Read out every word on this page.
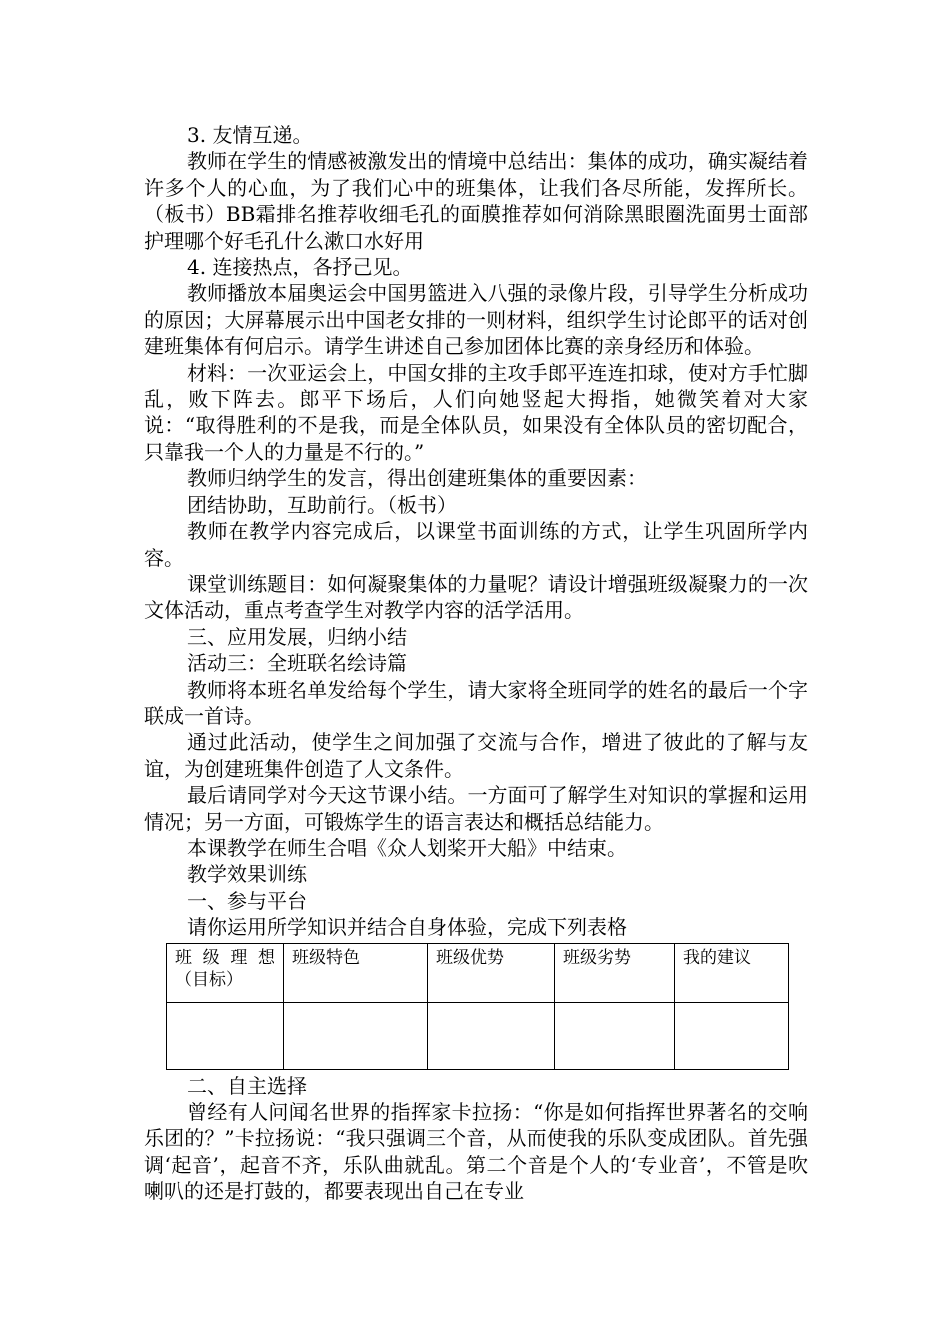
3. 友情互递。

教师在学生的情感被激发出的情境中总结出：集体的成功，确实凝结着许多个人的心血，为了我们心中的班集体，让我们各尽所能，发挥所长。（板书）BB霜排名推荐收细毛孔的面膜推荐如何消除黑眼圈洗面男士面部护理哪个好毛孔什么漱口水好用

4. 连接热点，各抒己见。

教师播放本届奥运会中国男篮进入八强的录像片段，引导学生分析成功的原因；大屏幕展示出中国老女排的一则材料，组织学生讨论郎平的话对创建班集体有何启示。请学生讲述自己参加团体比赛的亲身经历和体验。

材料：一次亚运会上，中国女排的主攻手郎平连连扣球，使对方手忙脚乱，败下阵去。郎平下场后，人们向她竖起大拇指，她微笑着对大家说：“取得胜利的不是我，而是全体队员，如果没有全体队员的密切配合，只靠我一个人的力量是不行的。”

教师归纳学生的发言，得出创建班集体的重要因素：

团结协助，互助前行。（板书）

教师在教学内容完成后，以课堂书面训练的方式，让学生巩固所学内容。

课堂训练题目：如何凝聚集体的力量呢？请设计增强班级凝聚力的一次文体活动，重点考查学生对教学内容的活学活用。

三、应用发展，归纳小结

活动三：全班联名绘诗篇

教师将本班名单发给每个学生，请大家将全班同学的姓名的最后一个字联成一首诗。

通过此活动，使学生之间加强了交流与合作，增进了彼此的了解与友谊，为创建班集件创造了人文条件。

最后请同学对今天这节课小结。一方面可了解学生对知识的掌握和运用情况；另一方面，可锻炼学生的语言表达和概括总结能力。

本课教学在师生合唱《众人划桨开大船》中结束。

教学效果训练

一、参与平台

请你运用所学知识并结合自身体验，完成下列表格

班级理想（目标）	班级特色	班级优势	班级劣势	我的建议

二、自主选择

曾经有人问闻名世界的指挥家卡拉扬：“你是如何指挥世界著名的交响乐团的？”卡拉扬说：“我只强调三个音，从而使我的乐队变成团队。首先强调‘起音’，起音不齐，乐队曲就乱。第二个音是个人的‘专业音’，不管是吹喇叭的还是打鼓的，都要表现出自己在专业
